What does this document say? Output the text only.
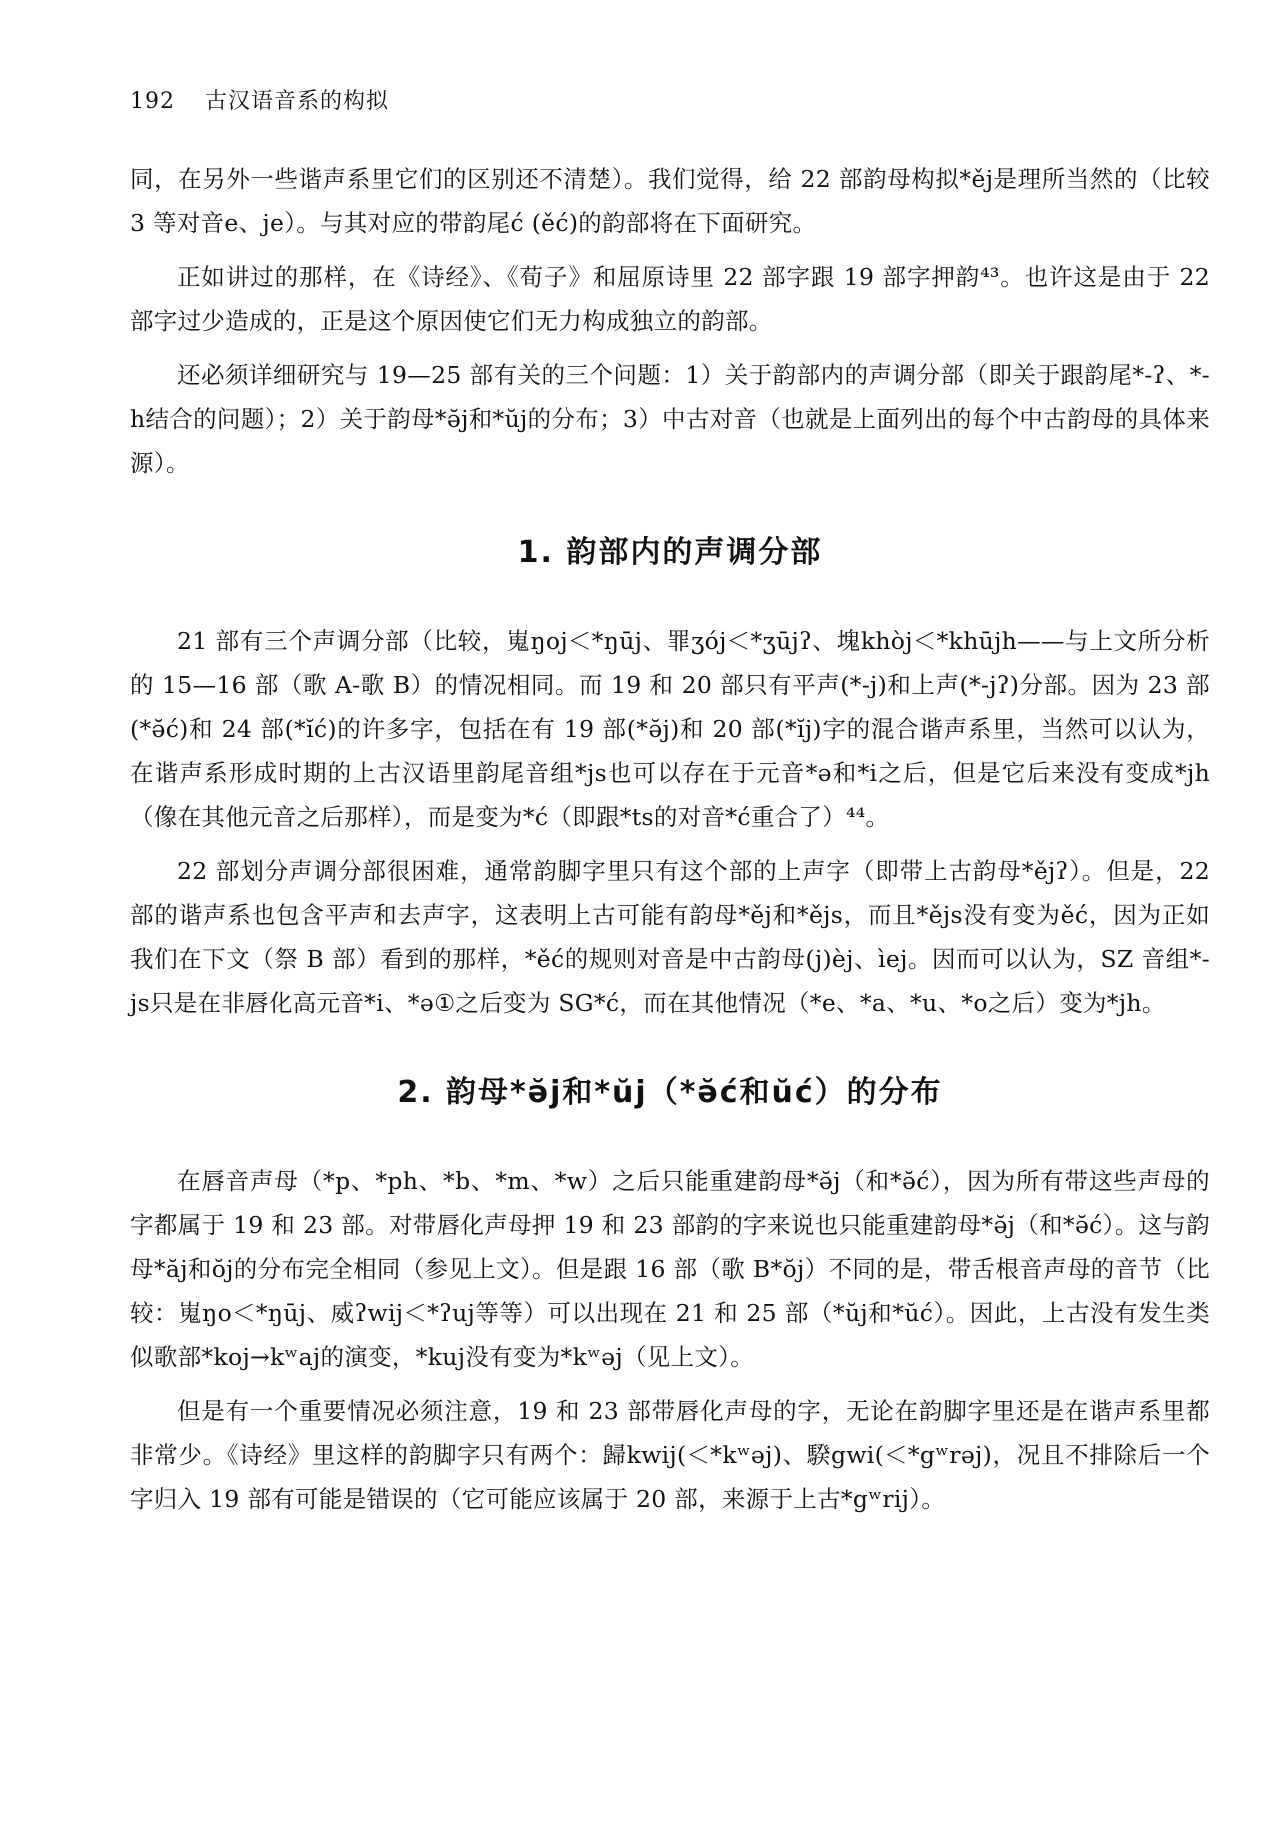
192 古汉语音系的构拟

同，在另外一些谐声系里它们的区别还不清楚）。我们觉得，给 22 部韵母构拟*ěj是理所当然的（比较 3 等对音e、je）。与其对应的带韵尾ć (ěć)的韵部将在下面研究。

正如讲过的那样，在《诗经》、《荀子》和屈原诗里 22 部字跟 19 部字押韵⁴³。也许这是由于 22 部字过少造成的，正是这个原因使它们无力构成独立的韵部。

还必须详细研究与 19—25 部有关的三个问题：1）关于韵部内的声调分部（即关于跟韵尾*-ʔ、*-h结合的问题）；2）关于韵母*ə̆j和*ŭj的分布；3）中古对音（也就是上面列出的每个中古韵母的具体来源）。

1. 韵部内的声调分部

21 部有三个声调分部（比较，嵬ŋoj＜*ŋūj、罪ʒój＜*ʒūjʔ、塊khòj＜*khūjh——与上文所分析的 15—16 部（歌 A-歌 B）的情况相同。而 19 和 20 部只有平声(*-j)和上声(*-jʔ)分部。因为 23 部(*ə̆ć)和 24 部(*ĭć)的许多字，包括在有 19 部(*ə̆j)和 20 部(*ĭj)字的混合谐声系里，当然可以认为，在谐声系形成时期的上古汉语里韵尾音组*js也可以存在于元音*ə和*i之后，但是它后来没有变成*jh（像在其他元音之后那样），而是变为*ć（即跟*ts的对音*ć重合了）⁴⁴。

22 部划分声调分部很困难，通常韵脚字里只有这个部的上声字（即带上古韵母*ějʔ）。但是，22 部的谐声系也包含平声和去声字，这表明上古可能有韵母*ěj和*ějs，而且*ějs没有变为ěć，因为正如我们在下文（祭 B 部）看到的那样，*ěć的规则对音是中古韵母(j)èj、ìej。因而可以认为，SZ 音组*-js只是在非唇化高元音*i、*ə①之后变为 SG*ć，而在其他情况（*e、*a、*u、*o之后）变为*jh。

2. 韵母*ə̆j和*ŭj（*ə̆ć和ŭć）的分布

在唇音声母（*p、*ph、*b、*m、*w）之后只能重建韵母*ə̆j（和*ə̆ć），因为所有带这些声母的字都属于 19 和 23 部。对带唇化声母押 19 和 23 部韵的字来说也只能重建韵母*ə̆j（和*ə̆ć）。这与韵母*ăj和ŏj的分布完全相同（参见上文）。但是跟 16 部（歌 B*ŏj）不同的是，带舌根音声母的音节（比较：嵬ŋo＜*ŋūj、威ʔwij＜*ʔuj等等）可以出现在 21 和 25 部（*ŭj和*ŭć）。因此，上古没有发生类似歌部*koj→kʷaj的演变，*kuj没有变为*kʷəj（见上文）。

但是有一个重要情况必须注意，19 和 23 部带唇化声母的字，无论在韵脚字里还是在谐声系里都非常少。《诗经》里这样的韵脚字只有两个：歸kwij(＜*kʷəj)、騤gwi(＜*gʷrəj)，况且不排除后一个字归入 19 部有可能是错误的（它可能应该属于 20 部，来源于上古*gʷrij）。
